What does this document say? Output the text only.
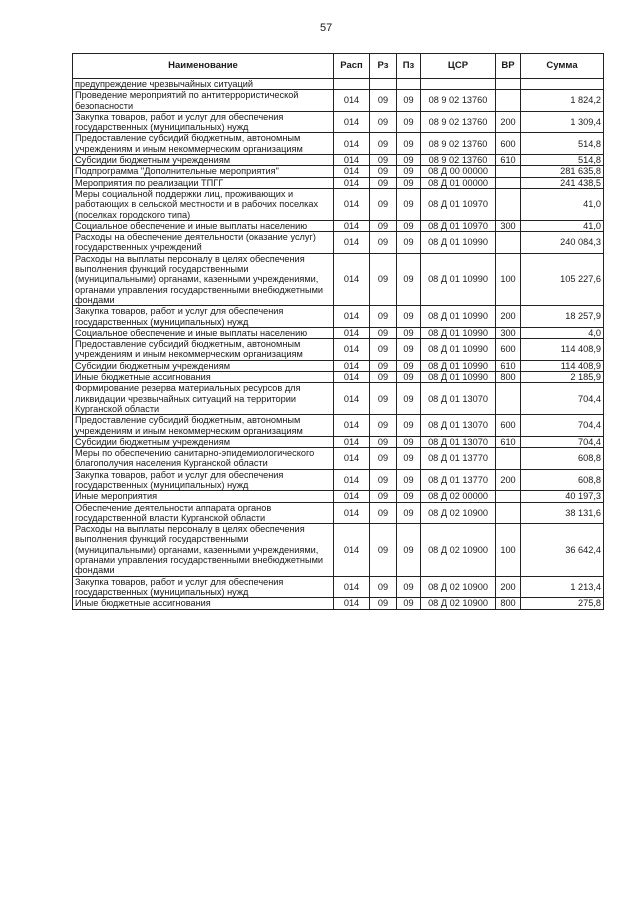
57
Наименование	Расп	Рз	Пз	ЦСР	ВР	Сумма
предупреждение чрезвычайных ситуаций						
Проведение мероприятий по антитеррористической безопасности	014	09	09	08 9 02 13760		1 824,2
Закупка товаров, работ и услуг для обеспечения государственных (муниципальных) нужд	014	09	09	08 9 02 13760	200	1 309,4
Предоставление субсидий бюджетным, автономным учреждениям и иным некоммерческим организациям	014	09	09	08 9 02 13760	600	514,8
Субсидии бюджетным учреждениям	014	09	09	08 9 02 13760	610	514,8
Подпрограмма "Дополнительные мероприятия"	014	09	09	08 Д 00 00000		281 635,8
Мероприятия по реализации ТПГГ	014	09	09	08 Д 01 00000		241 438,5
Меры социальной поддержки лиц, проживающих и работающих в сельской местности и в рабочих поселках (поселках городского типа)	014	09	09	08 Д 01 10970		41,0
Социальное обеспечение и иные выплаты населению	014	09	09	08 Д 01 10970	300	41,0
Расходы на обеспечение деятельности (оказание услуг) государственных учреждений	014	09	09	08 Д 01 10990		240 084,3
Расходы на выплаты персоналу в целях обеспечения выполнения функций государственными (муниципальными) органами, казенными учреждениями, органами управления государственными внебюджетными фондами	014	09	09	08 Д 01 10990	100	105 227,6
Закупка товаров, работ и услуг для обеспечения государственных (муниципальных) нужд	014	09	09	08 Д 01 10990	200	18 257,9
Социальное обеспечение и иные выплаты населению	014	09	09	08 Д 01 10990	300	4,0
Предоставление субсидий бюджетным, автономным учреждениям и иным некоммерческим организациям	014	09	09	08 Д 01 10990	600	114 408,9
Субсидии бюджетным учреждениям	014	09	09	08 Д 01 10990	610	114 408,9
Иные бюджетные ассигнования	014	09	09	08 Д 01 10990	800	2 185,9
Формирование резерва материальных ресурсов для ликвидации чрезвычайных ситуаций на территории Курганской области	014	09	09	08 Д 01 13070		704,4
Предоставление субсидий бюджетным, автономным учреждениям и иным некоммерческим организациям	014	09	09	08 Д 01 13070	600	704,4
Субсидии бюджетным учреждениям	014	09	09	08 Д 01 13070	610	704,4
Меры по обеспечению санитарно-эпидемиологического благополучия населения Курганской области	014	09	09	08 Д 01 13770		608,8
Закупка товаров, работ и услуг для обеспечения государственных (муниципальных) нужд	014	09	09	08 Д 01 13770	200	608,8
Иные мероприятия	014	09	09	08 Д 02 00000		40 197,3
Обеспечение деятельности аппарата органов государственной власти Курганской области	014	09	09	08 Д 02 10900		38 131,6
Расходы на выплаты персоналу в целях обеспечения выполнения функций государственными (муниципальными) органами, казенными учреждениями, органами управления государственными внебюджетными фондами	014	09	09	08 Д 02 10900	100	36 642,4
Закупка товаров, работ и услуг для обеспечения государственных (муниципальных) нужд	014	09	09	08 Д 02 10900	200	1 213,4
Иные бюджетные ассигнования	014	09	09	08 Д 02 10900	800	275,8
